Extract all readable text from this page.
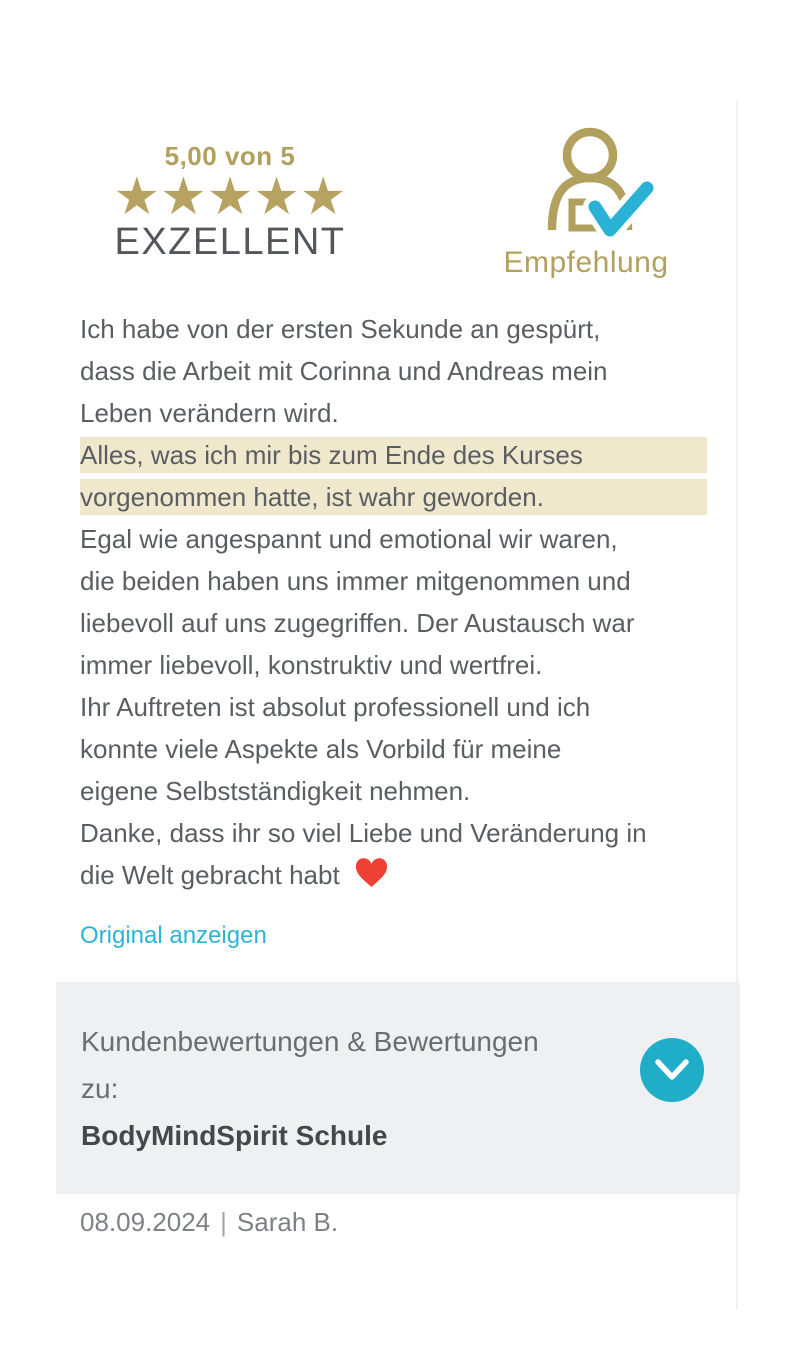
5,00 von 5
★★★★★
EXZELLENT	Empfehlung
Ich habe von der ersten Sekunde an gespürt,
dass die Arbeit mit Corinna und Andreas mein
Leben verändern wird.
Alles, was ich mir bis zum Ende des Kurses
vorgenommen hatte, ist wahr geworden.
Egal wie angespannt und emotional wir waren,
die beiden haben uns immer mitgenommen und
liebevoll auf uns zugegriffen. Der Austausch war
immer liebevoll, konstruktiv und wertfrei.
Ihr Auftreten ist absolut professionell und ich
konnte viele Aspekte als Vorbild für meine
eigene Selbstständigkeit nehmen.
Danke, dass ihr so viel Liebe und Veränderung in
die Welt gebracht habt
Original anzeigen
Kundenbewertungen & Bewertungen zu:
BodyMindSpirit Schule
08.09.2024 | Sarah B.
